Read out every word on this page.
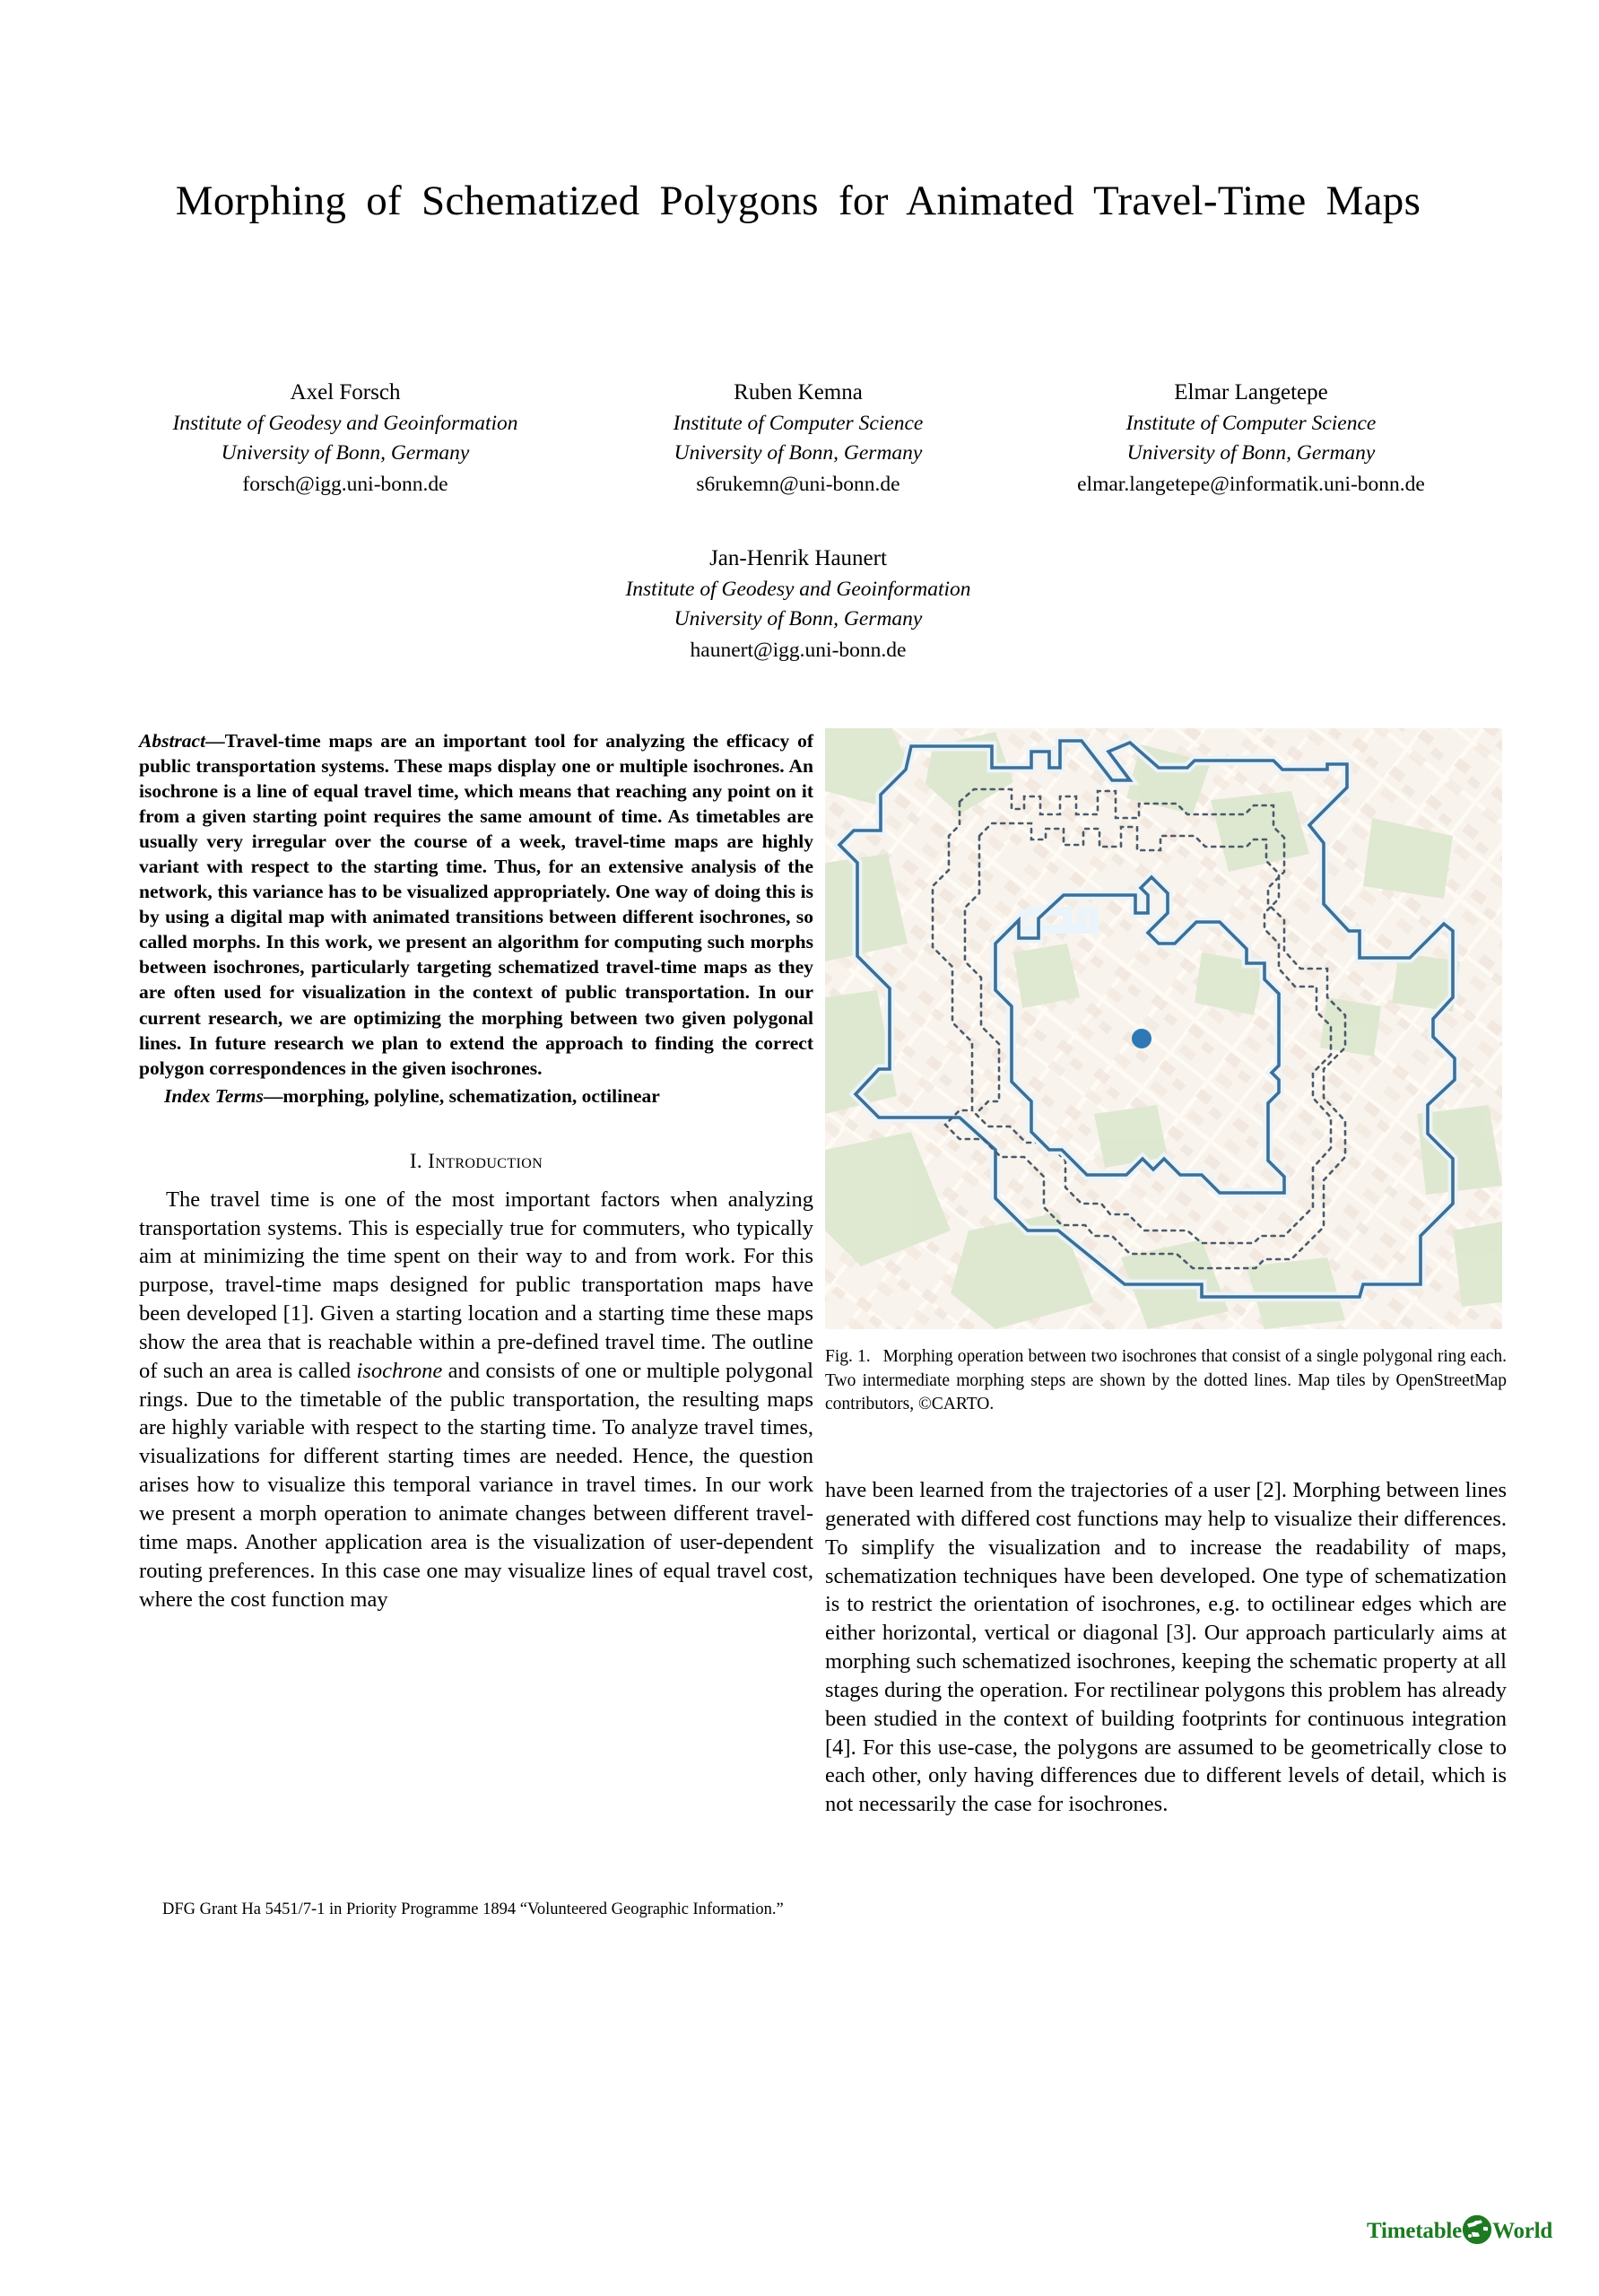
Morphing of Schematized Polygons for Animated Travel-Time Maps
Axel Forsch
Institute of Geodesy and Geoinformation
University of Bonn, Germany
forsch@igg.uni-bonn.de
Ruben Kemna
Institute of Computer Science
University of Bonn, Germany
s6rukemn@uni-bonn.de
Elmar Langetepe
Institute of Computer Science
University of Bonn, Germany
elmar.langetepe@informatik.uni-bonn.de
Jan-Henrik Haunert
Institute of Geodesy and Geoinformation
University of Bonn, Germany
haunert@igg.uni-bonn.de

Abstract—Travel-time maps are an important tool for analyzing the efficacy of public transportation systems. These maps display one or multiple isochrones. An isochrone is a line of equal travel time, which means that reaching any point on it from a given starting point requires the same amount of time. As timetables are usually very irregular over the course of a week, travel-time maps are highly variant with respect to the starting time. Thus, for an extensive analysis of the network, this variance has to be visualized appropriately. One way of doing this is by using a digital map with animated transitions between different isochrones, so called morphs. In this work, we present an algorithm for computing such morphs between isochrones, particularly targeting schematized travel-time maps as they are often used for visualization in the context of public transportation. In our current research, we are optimizing the morphing between two given polygonal lines. In future research we plan to extend the approach to finding the correct polygon correspondences in the given isochrones.

Index Terms—morphing, polyline, schematization, octilinear

I. Introduction

The travel time is one of the most important factors when analyzing transportation systems. This is especially true for commuters, who typically aim at minimizing the time spent on their way to and from work. For this purpose, travel-time maps designed for public transportation maps have been developed [1]. Given a starting location and a starting time these maps show the area that is reachable within a pre-defined travel time. The outline of such an area is called isochrone and consists of one or multiple polygonal rings. Due to the timetable of the public transportation, the resulting maps are highly variable with respect to the starting time. To analyze travel times, visualizations for different starting times are needed. Hence, the question arises how to visualize this temporal variance in travel times. In our work we present a morph operation to animate changes between different travel-time maps. Another application area is the visualization of user-dependent routing preferences. In this case one may visualize lines of equal travel cost, where the cost function may

DFG Grant Ha 5451/7-1 in Priority Programme 1894 “Volunteered Geographic Information.”

Fig. 1. Morphing operation between two isochrones that consist of a single polygonal ring each. Two intermediate morphing steps are shown by the dotted lines. Map tiles by OpenStreetMap contributors, ©CARTO.

have been learned from the trajectories of a user [2]. Morphing between lines generated with differed cost functions may help to visualize their differences. To simplify the visualization and to increase the readability of maps, schematization techniques have been developed. One type of schematization is to restrict the orientation of isochrones, e.g. to octilinear edges which are either horizontal, vertical or diagonal [3]. Our approach particularly aims at morphing such schematized isochrones, keeping the schematic property at all stages during the operation. For rectilinear polygons this problem has already been studied in the context of building footprints for continuous integration [4]. For this use-case, the polygons are assumed to be geometrically close to each other, only having differences due to different levels of detail, which is not necessarily the case for isochrones.

Timetable World
